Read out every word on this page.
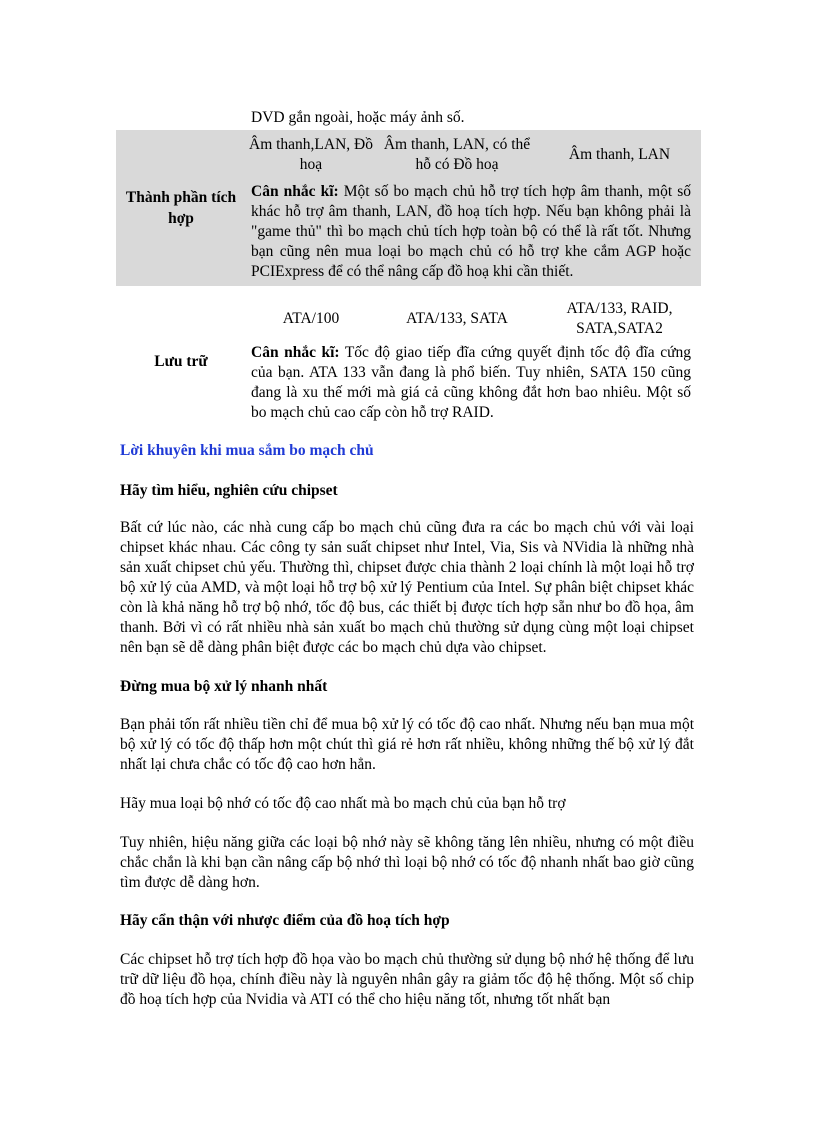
DVD gắn ngoài, hoặc máy ảnh số.
Thành phần tích hợp	Âm thanh,LAN, Đồ hoạ	Âm thanh, LAN, có thể hỗ có Đồ hoạ	Âm thanh, LAN
	Cân nhắc kĩ: Một số bo mạch chủ hỗ trợ tích hợp âm thanh, một số khác hỗ trợ âm thanh, LAN, đồ hoạ tích hợp. Nếu bạn không phải là "game thủ" thì bo mạch chủ tích hợp toàn bộ có thể là rất tốt. Nhưng bạn cũng nên mua loại bo mạch chủ có hỗ trợ khe cắm AGP hoặc PCIExpress để có thể nâng cấp đồ hoạ khi cần thiết.		

Lưu trữ	ATA/100	ATA/133, SATA	ATA/133, RAID, SATA,SATA2
	Cân nhắc kĩ: Tốc độ giao tiếp đĩa cứng quyết định tốc độ đĩa cứng của bạn. ATA 133 vẫn đang là phổ biến. Tuy nhiên, SATA 150 cũng đang là xu thế mới mà giá cả cũng không đắt hơn bao nhiêu. Một số bo mạch chủ cao cấp còn hỗ trợ RAID.		
Lời khuyên khi mua sắm bo mạch chủ
Hãy tìm hiểu, nghiên cứu chipset
Bất cứ lúc nào, các nhà cung cấp bo mạch chủ cũng đưa ra các bo mạch chủ với vài loại chipset khác nhau. Các công ty sản suất chipset như Intel, Via, Sis và NVidia là những nhà sản xuất chipset chủ yếu. Thường thì, chipset được chia thành 2 loại chính là một loại hỗ trợ bộ xử lý của AMD, và một loại hỗ trợ bộ xử lý Pentium của Intel. Sự phân biệt chipset khác còn là khả năng hỗ trợ bộ nhớ, tốc độ bus, các thiết bị được tích hợp sẵn như bo đồ họa, âm thanh. Bởi vì có rất nhiều nhà sản xuất bo mạch chủ thường sử dụng cùng một loại chipset nên bạn sẽ dễ dàng phân biệt được các bo mạch chủ dựa vào chipset.
Đừng mua bộ xử lý nhanh nhất
Bạn phải tốn rất nhiều tiền chỉ để mua bộ xử lý có tốc độ cao nhất. Nhưng nếu bạn mua một bộ xử lý có tốc độ thấp hơn một chút thì giá rẻ hơn rất nhiều, không những thế bộ xử lý đắt nhất lại chưa chắc có tốc độ cao hơn hẳn.
Hãy mua loại bộ nhớ có tốc độ cao nhất mà bo mạch chủ của bạn hỗ trợ
Tuy nhiên, hiệu năng giữa các loại bộ nhớ này sẽ không tăng lên nhiều, nhưng có một điều chắc chắn là khi bạn cần nâng cấp bộ nhớ thì loại bộ nhớ có tốc độ nhanh nhất bao giờ cũng tìm được dễ dàng hơn.
Hãy cẩn thận với nhược điểm của đồ hoạ tích hợp
Các chipset hỗ trợ tích hợp đồ họa vào bo mạch chủ thường sử dụng bộ nhớ hệ thống để lưu trữ dữ liệu đồ họa, chính điều này là nguyên nhân gây ra giảm tốc độ hệ thống. Một số chip đồ hoạ tích hợp của Nvidia và ATI có thể cho hiệu năng tốt, nhưng tốt nhất bạn
